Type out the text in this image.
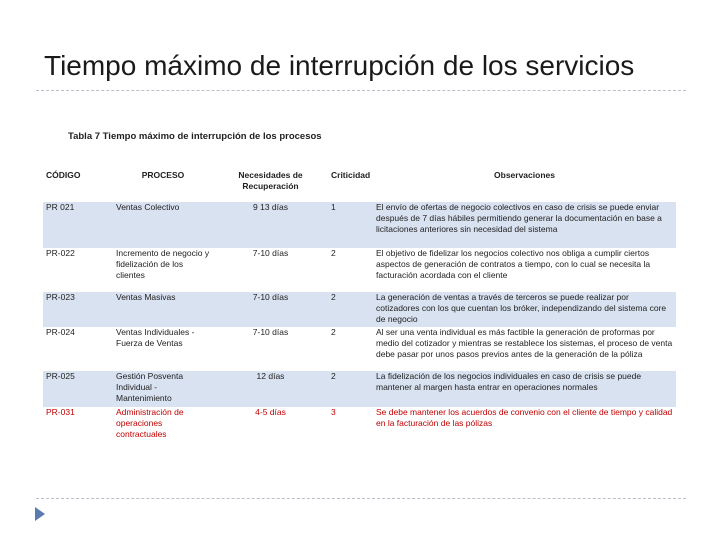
Tiempo máximo de interrupción de los servicios
Tabla 7 Tiempo máximo de interrupción de los procesos
CÓDIGO	PROCESO	Necesidades de Recuperación	Criticidad	Observaciones
PR 021	Ventas Colectivo	9 13 días	1	El envío de ofertas de negocio colectivos en caso de crisis se puede enviar después de 7 días hábiles permitiendo generar la documentación en base a licitaciones anteriores sin necesidad del sistema
PR-022	Incremento de negocio y fidelización de los clientes	7-10 días	2	El objetivo de fidelizar los negocios colectivo nos obliga a cumplir ciertos aspectos de generación de contratos a tiempo, con lo cual se necesita la facturación acordada con el cliente
PR-023	Ventas Masivas	7-10 días	2	La generación de ventas a través de terceros se puede realizar por cotizadores con los que cuentan los bróker, independizando del sistema core de negocio
PR-024	Ventas Individuales - Fuerza de Ventas	7-10 días	2	Al ser una venta individual es más factible la generación de proformas por medio del cotizador y mientras se restablece los sistemas, el proceso de venta debe pasar por unos pasos previos antes de la generación de la póliza
PR-025	Gestión Posventa Individual - Mantenimiento	12 días	2	La fidelización de los negocios individuales en caso de crisis se puede mantener al margen hasta entrar en operaciones normales
PR-031	Administración de operaciones contractuales	4-5 días	3	Se debe mantener los acuerdos de convenio con el cliente de tiempo y calidad en la facturación de las pólizas
